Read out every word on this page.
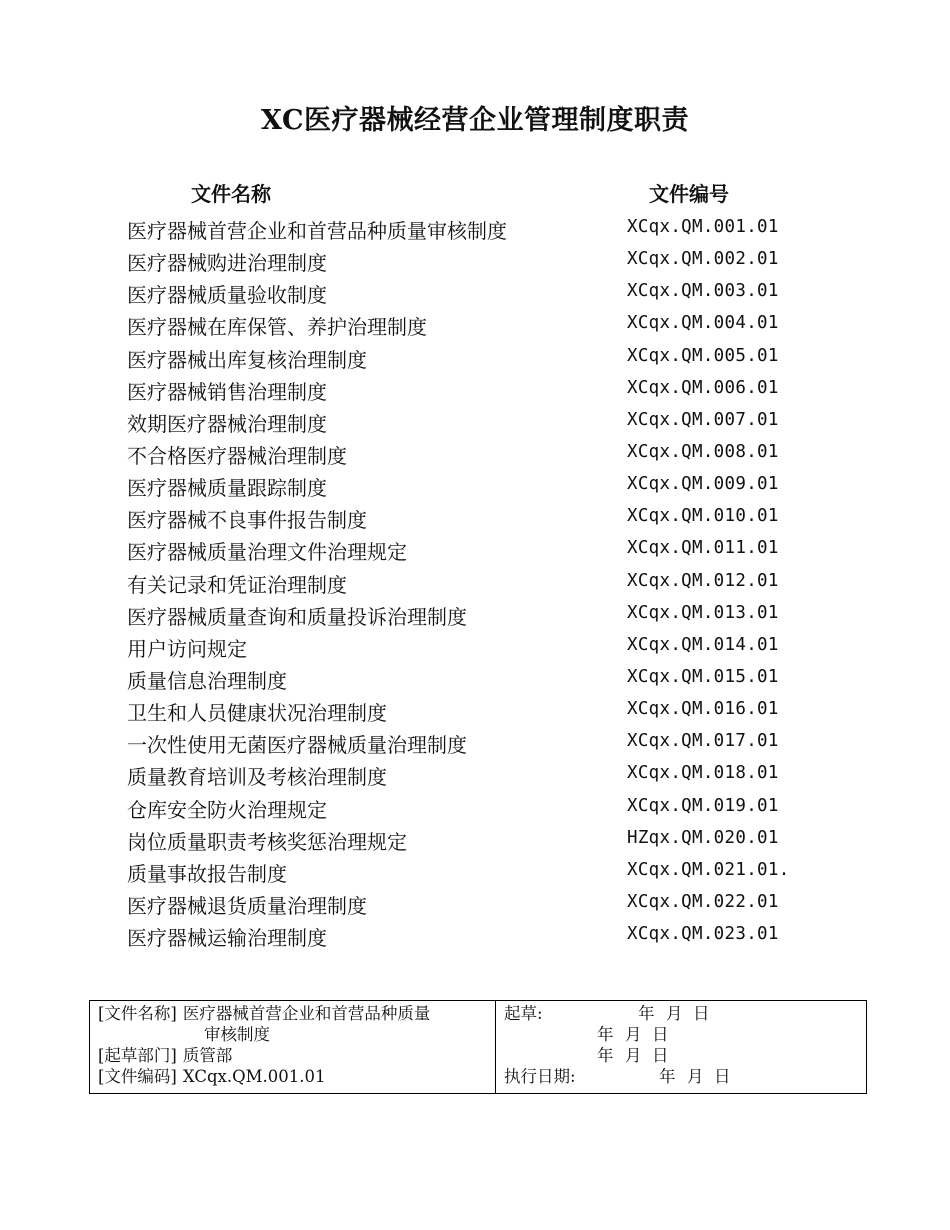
XC医疗器械经营企业管理制度职责
文件名称	文件编号
医疗器械首营企业和首营品种质量审核制度	XCqx.QM.001.01
医疗器械购进治理制度	XCqx.QM.002.01
医疗器械质量验收制度	XCqx.QM.003.01
医疗器械在库保管、养护治理制度	XCqx.QM.004.01
医疗器械出库复核治理制度	XCqx.QM.005.01
医疗器械销售治理制度	XCqx.QM.006.01
效期医疗器械治理制度	XCqx.QM.007.01
不合格医疗器械治理制度	XCqx.QM.008.01
医疗器械质量跟踪制度	XCqx.QM.009.01
医疗器械不良事件报告制度	XCqx.QM.010.01
医疗器械质量治理文件治理规定	XCqx.QM.011.01
有关记录和凭证治理制度	XCqx.QM.012.01
医疗器械质量查询和质量投诉治理制度	XCqx.QM.013.01
用户访问规定	XCqx.QM.014.01
质量信息治理制度	XCqx.QM.015.01
卫生和人员健康状况治理制度	XCqx.QM.016.01
一次性使用无菌医疗器械质量治理制度	XCqx.QM.017.01
质量教育培训及考核治理制度	XCqx.QM.018.01
仓库安全防火治理规定	XCqx.QM.019.01
岗位质量职责考核奖惩治理规定	HZqx.QM.020.01
质量事故报告制度	XCqx.QM.021.01.
医疗器械退货质量治理制度	XCqx.QM.022.01
医疗器械运输治理制度	XCqx.QM.023.01
[文件名称] 医疗器械首营企业和首营品种质量
审核制度
[起草部门] 质管部
[文件编码] XCqx.QM.001.01
起草:	年 月 日
年 月 日
年 月 日
执行日期:	年 月 日
